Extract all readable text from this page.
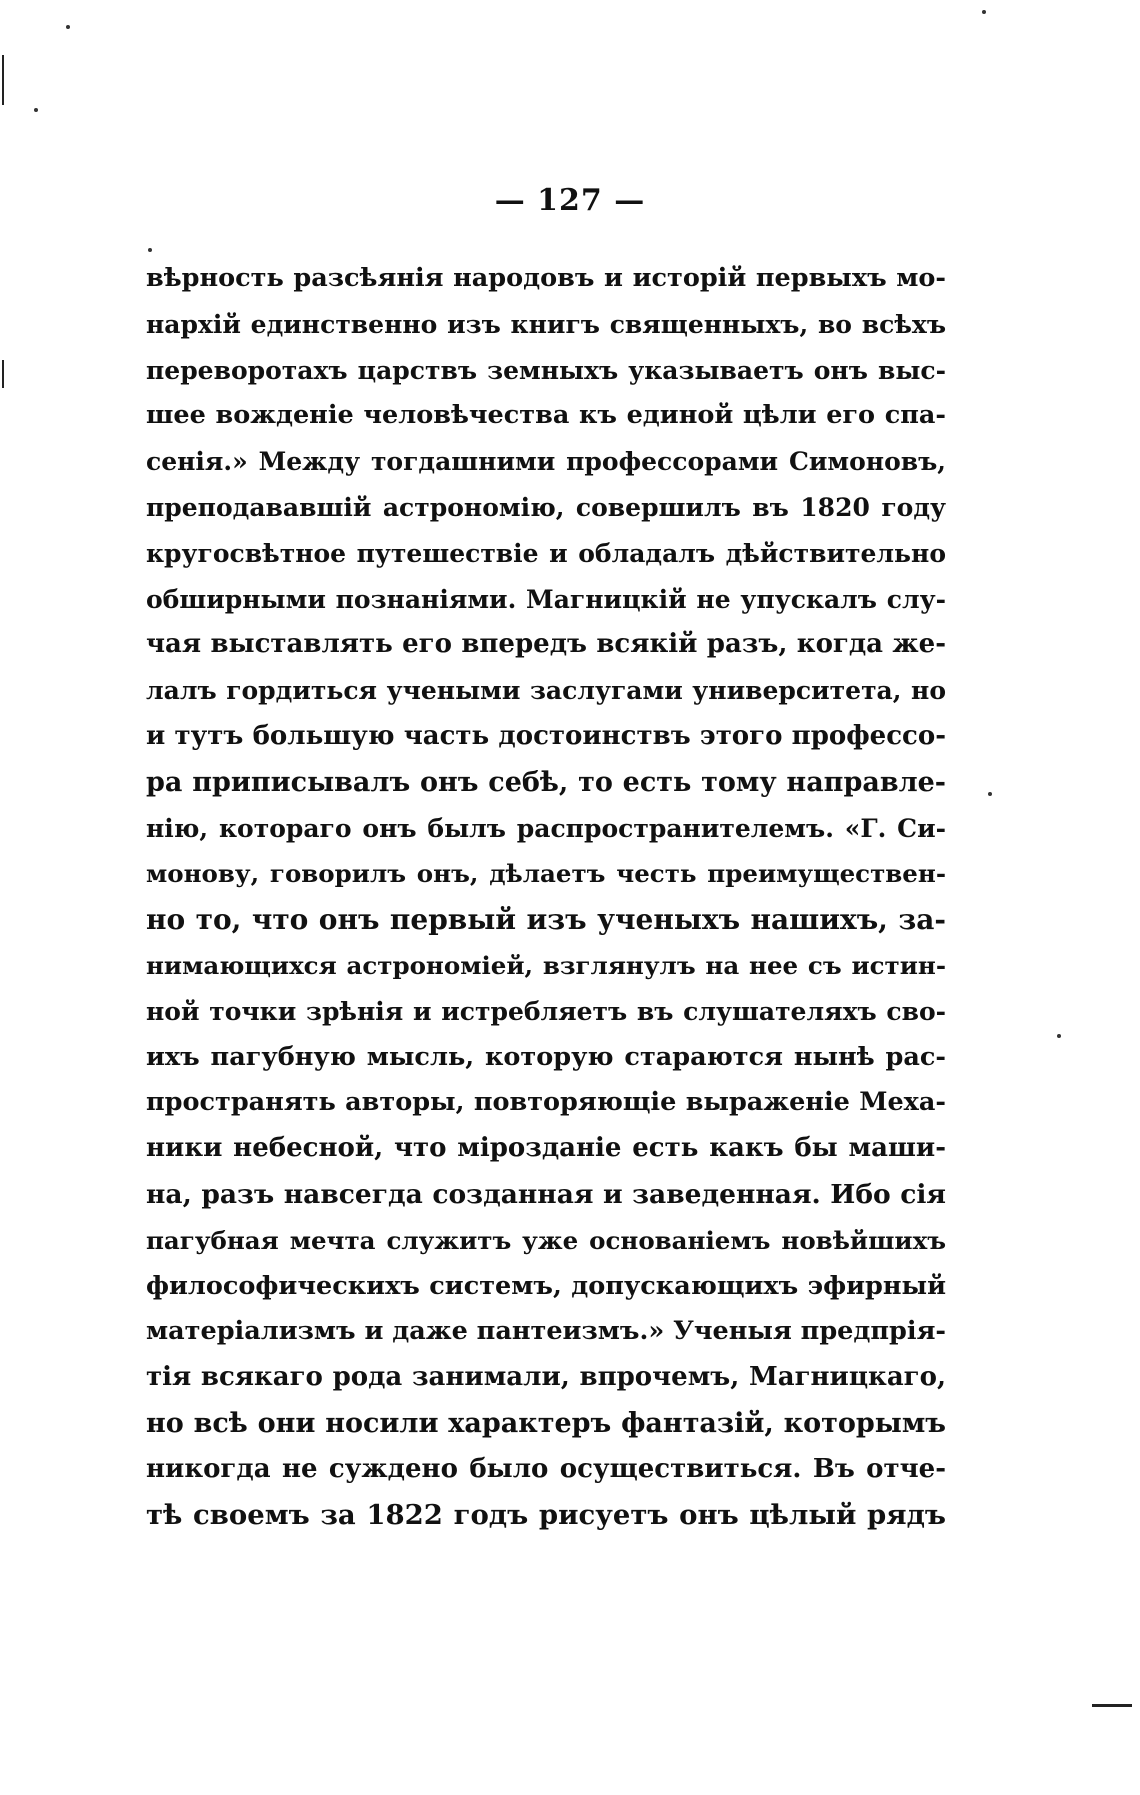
— 127 —
вѣрность разсѣянія народовъ и исторій первыхъ мо-
нархій единственно изъ книгъ священныхъ, во всѣхъ
переворотахъ царствъ земныхъ указываетъ онъ выс-
шее вожденіе человѣчества къ единой цѣли его спа-
сенія.» Между тогдашними профессорами Симоновъ,
преподававшій астрономію, совершилъ въ 1820 году
кругосвѣтное путешествіе и обладалъ дѣйствительно
обширными познаніями. Магницкій не упускалъ слу-
чая выставлять его впередъ всякій разъ, когда же-
лалъ гордиться учеными заслугами университета, но
и тутъ большую часть достоинствъ этого профессо-
ра приписывалъ онъ себѣ, то есть тому направле-
нію, котораго онъ былъ распространителемъ. «Г. Си-
монову, говорилъ онъ, дѣлаетъ честь преимуществен-
но то, что онъ первый изъ ученыхъ нашихъ, за-
нимающихся астрономіей, взглянулъ на нее съ истин-
ной точки зрѣнія и истребляетъ въ слушателяхъ сво-
ихъ пагубную мысль, которую стараются нынѣ рас-
пространять авторы, повторяющіе выраженіе Меха-
ники небесной, что мірозданіе есть какъ бы маши-
на, разъ навсегда созданная и заведенная. Ибо сія
пагубная мечта служитъ уже основаніемъ новѣйшихъ
философическихъ системъ, допускающихъ эфирный
матеріализмъ и даже пантеизмъ.» Ученыя предпрія-
тія всякаго рода занимали, впрочемъ, Магницкаго,
но всѣ они носили характеръ фантазій, которымъ
никогда не суждено было осуществиться. Въ отче-
тѣ своемъ за 1822 годъ рисуетъ онъ цѣлый рядъ
